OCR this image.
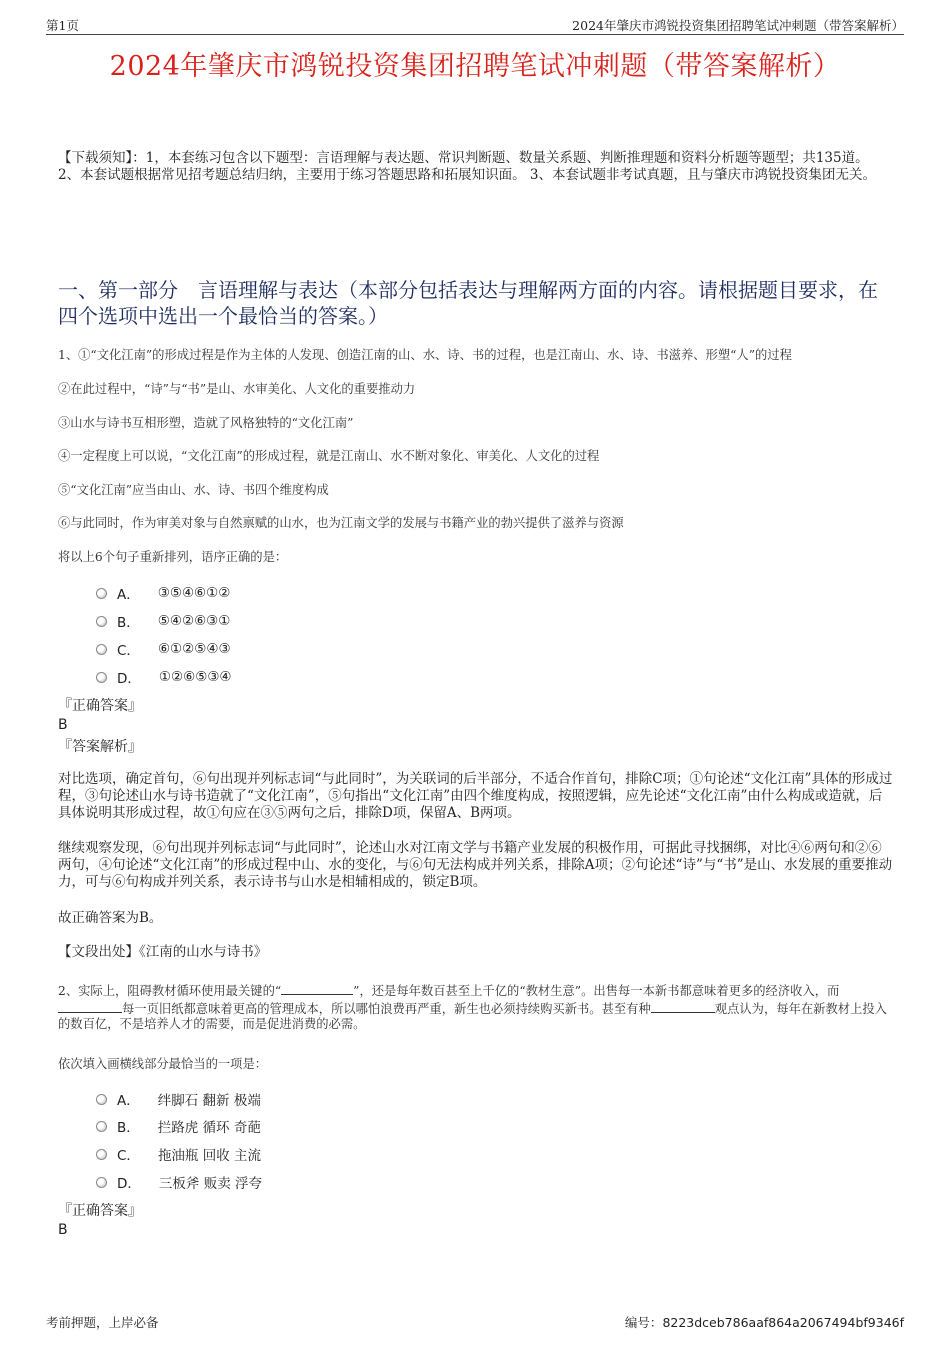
第1页	2024年肇庆市鸿锐投资集团招聘笔试冲刺题（带答案解析）
2024年肇庆市鸿锐投资集团招聘笔试冲刺题（带答案解析）
【下载须知】：1，本套练习包含以下题型：言语理解与表达题、常识判断题、数量关系题、判断推理题和资料分析题等题型；共135道。 2、本套试题根据常见招考题总结归纳，主要用于练习答题思路和拓展知识面。 3、本套试题非考试真题，且与肇庆市鸿锐投资集团无关。
一、第一部分　言语理解与表达（本部分包括表达与理解两方面的内容。请根据题目要求，在四个选项中选出一个最恰当的答案。）
1、①“文化江南”的形成过程是作为主体的人发现、创造江南的山、水、诗、书的过程，也是江南山、水、诗、书滋养、形塑“人”的过程
②在此过程中，“诗”与“书”是山、水审美化、人文化的重要推动力
③山水与诗书互相形塑，造就了风格独特的“文化江南”
④一定程度上可以说，“文化江南”的形成过程，就是江南山、水不断对象化、审美化、人文化的过程
⑤“文化江南”应当由山、水、诗、书四个维度构成
⑥与此同时，作为审美对象与自然禀赋的山水，也为江南文学的发展与书籍产业的勃兴提供了滋养与资源
将以上6个句子重新排列，语序正确的是：
A． ③⑤④⑥①②
B． ⑤④②⑥③①
C． ⑥①②⑤④③
D． ①②⑥⑤③④
『正确答案』
B
『答案解析』
对比选项，确定首句，⑥句出现并列标志词“与此同时”，为关联词的后半部分，不适合作首句，排除C项；①句论述“文化江南”具体的形成过程，③句论述山水与诗书造就了“文化江南”，⑤句指出“文化江南”由四个维度构成，按照逻辑，应先论述“文化江南”由什么构成或造就，后具体说明其形成过程，故①句应在③⑤两句之后，排除D项，保留A、B两项。
继续观察发现，⑥句出现并列标志词“与此同时”，论述山水对江南文学与书籍产业发展的积极作用，可据此寻找捆绑，对比④⑥两句和②⑥两句，④句论述“文化江南”的形成过程中山、水的变化，与⑥句无法构成并列关系，排除A项；②句论述“诗”与“书”是山、水发展的重要推动力，可与⑥句构成并列关系，表示诗书与山水是相辅相成的，锁定B项。
故正确答案为B。
【文段出处】《江南的山水与诗书》
2、实际上，阻碍教材循环使用最关键的“	”，还是每年数百甚至上千亿的“教材生意”。出售每一本新书都意味着更多的经济收入，而每一页旧纸都意味着更高的管理成本，所以哪怕浪费再严重，新生也必须持续购买新书。甚至有种	观点认为，每年在新教材上投入的数百亿，不是培养人才的需要，而是促进消费的必需。
依次填入画横线部分最恰当的一项是：
A． 绊脚石 翻新 极端
B． 拦路虎 循环 奇葩
C． 拖油瓶 回收 主流
D． 三板斧 贩卖 浮夸
『正确答案』
B
考前押题，上岸必备	编号：8223dceb786aaf864a2067494bf9346f
